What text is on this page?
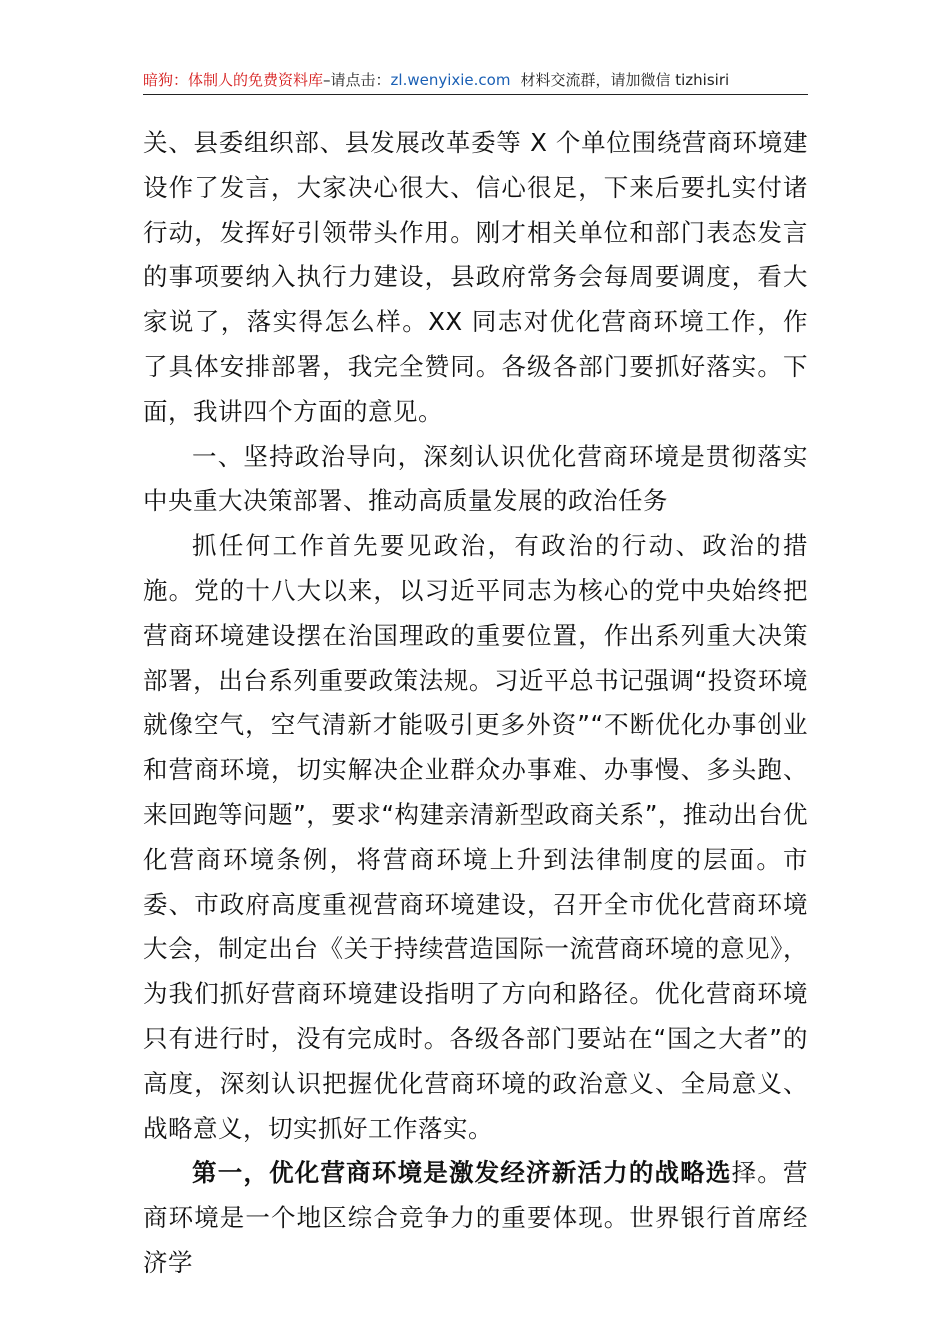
暗狗：体制人的免费资料库–请点击：zl.wenyixie.com 材料交流群，请加微信 tizhisiri

关、县委组织部、县发展改革委等 X 个单位围绕营商环境建设作了发言，大家决心很大、信心很足，下来后要扎实付诸行动，发挥好引领带头作用。刚才相关单位和部门表态发言的事项要纳入执行力建设，县政府常务会每周要调度，看大家说了，落实得怎么样。XX 同志对优化营商环境工作，作了具体安排部署，我完全赞同。各级各部门要抓好落实。下面，我讲四个方面的意见。

一、坚持政治导向，深刻认识优化营商环境是贯彻落实中央重大决策部署、推动高质量发展的政治任务

抓任何工作首先要见政治，有政治的行动、政治的措施。党的十八大以来，以习近平同志为核心的党中央始终把营商环境建设摆在治国理政的重要位置，作出系列重大决策部署，出台系列重要政策法规。习近平总书记强调“投资环境就像空气，空气清新才能吸引更多外资”“不断优化办事创业和营商环境，切实解决企业群众办事难、办事慢、多头跑、来回跑等问题”，要求“构建亲清新型政商关系”，推动出台优化营商环境条例，将营商环境上升到法律制度的层面。市委、市政府高度重视营商环境建设，召开全市优化营商环境大会，制定出台《关于持续营造国际一流营商环境的意见》，为我们抓好营商环境建设指明了方向和路径。优化营商环境只有进行时，没有完成时。各级各部门要站在“国之大者”的高度，深刻认识把握优化营商环境的政治意义、全局意义、战略意义，切实抓好工作落实。

第一，优化营商环境是激发经济新活力的战略选择。营商环境是一个地区综合竞争力的重要体现。世界银行首席经济学
